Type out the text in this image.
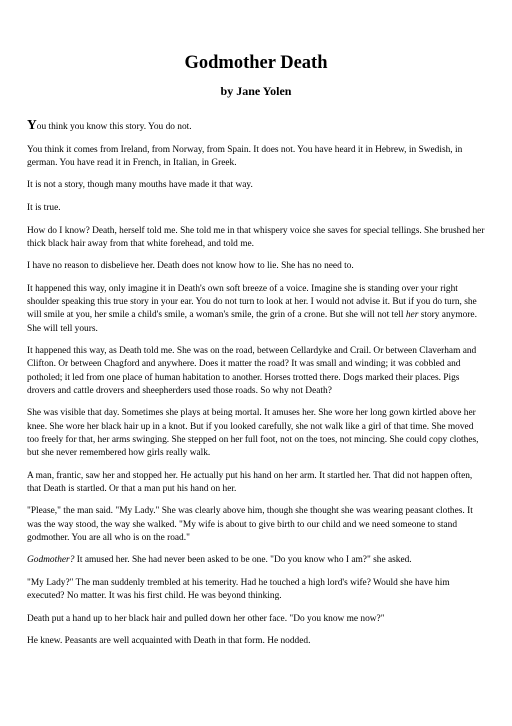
Godmother Death
by Jane Yolen

You think you know this story. You do not.

You think it comes from Ireland, from Norway, from Spain. It does not. You have heard it in Hebrew, in Swedish, in german. You have read it in French, in Italian, in Greek.

It is not a story, though many mouths have made it that way.

It is true.

How do I know? Death, herself told me. She told me in that whispery voice she saves for special tellings. She brushed her thick black hair away from that white forehead, and told me.

I have no reason to disbelieve her. Death does not know how to lie. She has no need to.

It happened this way, only imagine it in Death's own soft breeze of a voice. Imagine she is standing over your right shoulder speaking this true story in your ear. You do not turn to look at her. I would not advise it. But if you do turn, she will smile at you, her smile a child's smile, a woman's smile, the grin of a crone. But she will not tell her story anymore. She will tell yours.

It happened this way, as Death told me. She was on the road, between Cellardyke and Crail. Or between Claverham and Clifton. Or between Chagford and anywhere. Does it matter the road? It was small and winding; it was cobbled and potholed; it led from one place of human habitation to another. Horses trotted there. Dogs marked their places. Pigs drovers and cattle drovers and sheepherders used those roads. So why not Death?

She was visible that day. Sometimes she plays at being mortal. It amuses her. She wore her long gown kirtled above her knee. She wore her black hair up in a knot. But if you looked carefully, she not walk like a girl of that time. She moved too freely for that, her arms swinging. She stepped on her full foot, not on the toes, not mincing. She could copy clothes, but she never remembered how girls really walk.

A man, frantic, saw her and stopped her. He actually put his hand on her arm. It startled her. That did not happen often, that Death is startled. Or that a man put his hand on her.

"Please," the man said. "My Lady." She was clearly above him, though she thought she was wearing peasant clothes. It was the way stood, the way she walked. "My wife is about to give birth to our child and we need someone to stand godmother. You are all who is on the road."

Godmother? It amused her. She had never been asked to be one. "Do you know who I am?" she asked.

"My Lady?" The man suddenly trembled at his temerity. Had he touched a high lord's wife? Would she have him executed? No matter. It was his first child. He was beyond thinking.

Death put a hand up to her black hair and pulled down her other face. "Do you know me now?"

He knew. Peasants are well acquainted with Death in that form. He nodded.
